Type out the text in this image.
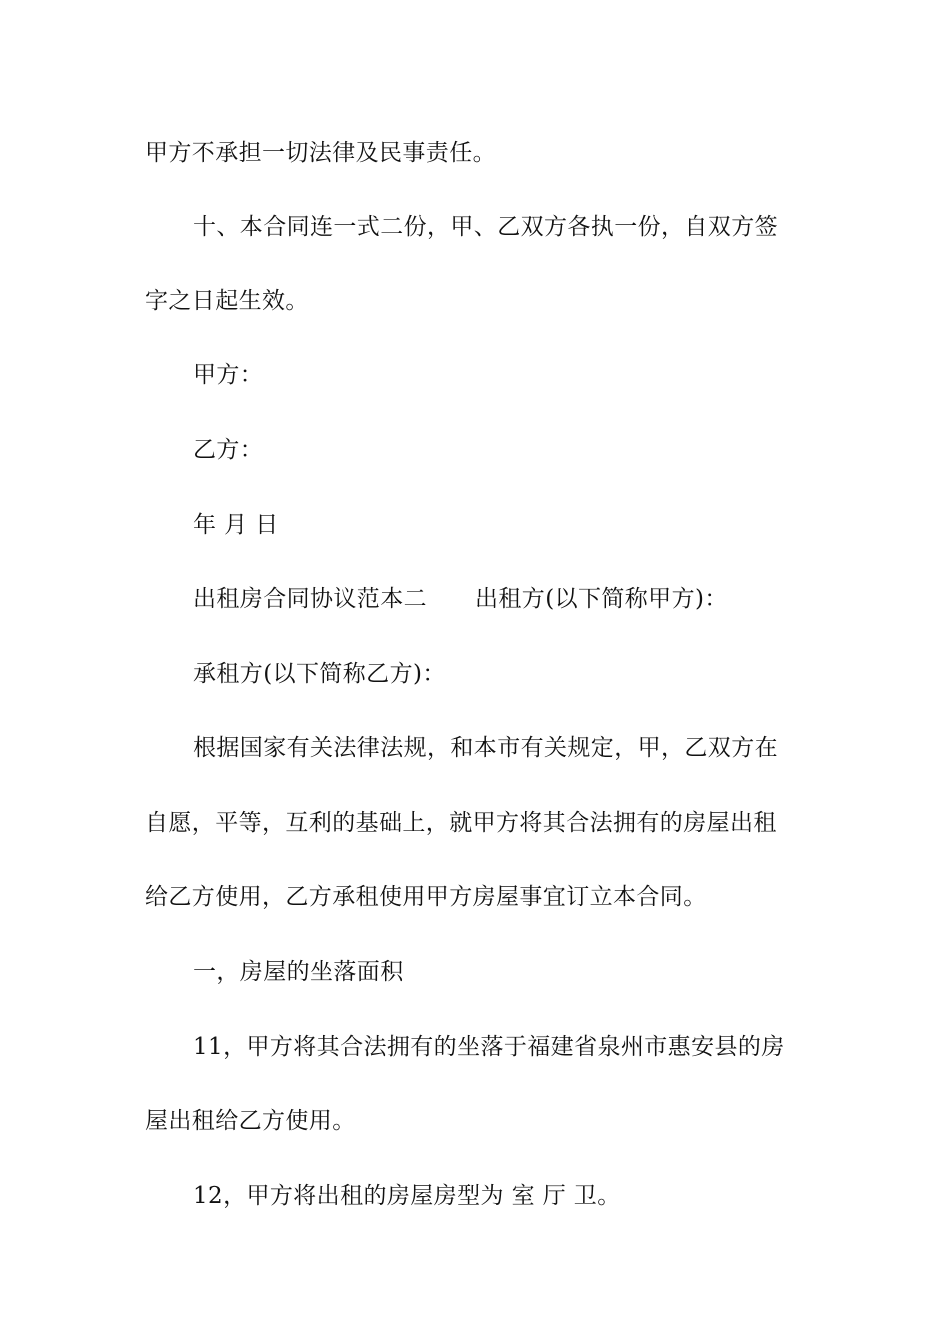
甲方不承担一切法律及民事责任。
十、本合同连一式二份，甲、乙双方各执一份，自双方签
字之日起生效。
甲方：
乙方：
年 月 日
出租房合同协议范本二 出租方(以下简称甲方)：
承租方(以下简称乙方)：
根据国家有关法律法规，和本市有关规定，甲，乙双方在
自愿，平等，互利的基础上，就甲方将其合法拥有的房屋出租
给乙方使用，乙方承租使用甲方房屋事宜订立本合同。
一，房屋的坐落面积
11，甲方将其合法拥有的坐落于福建省泉州市惠安县的房
屋出租给乙方使用。
12，甲方将出租的房屋房型为 室 厅 卫。
